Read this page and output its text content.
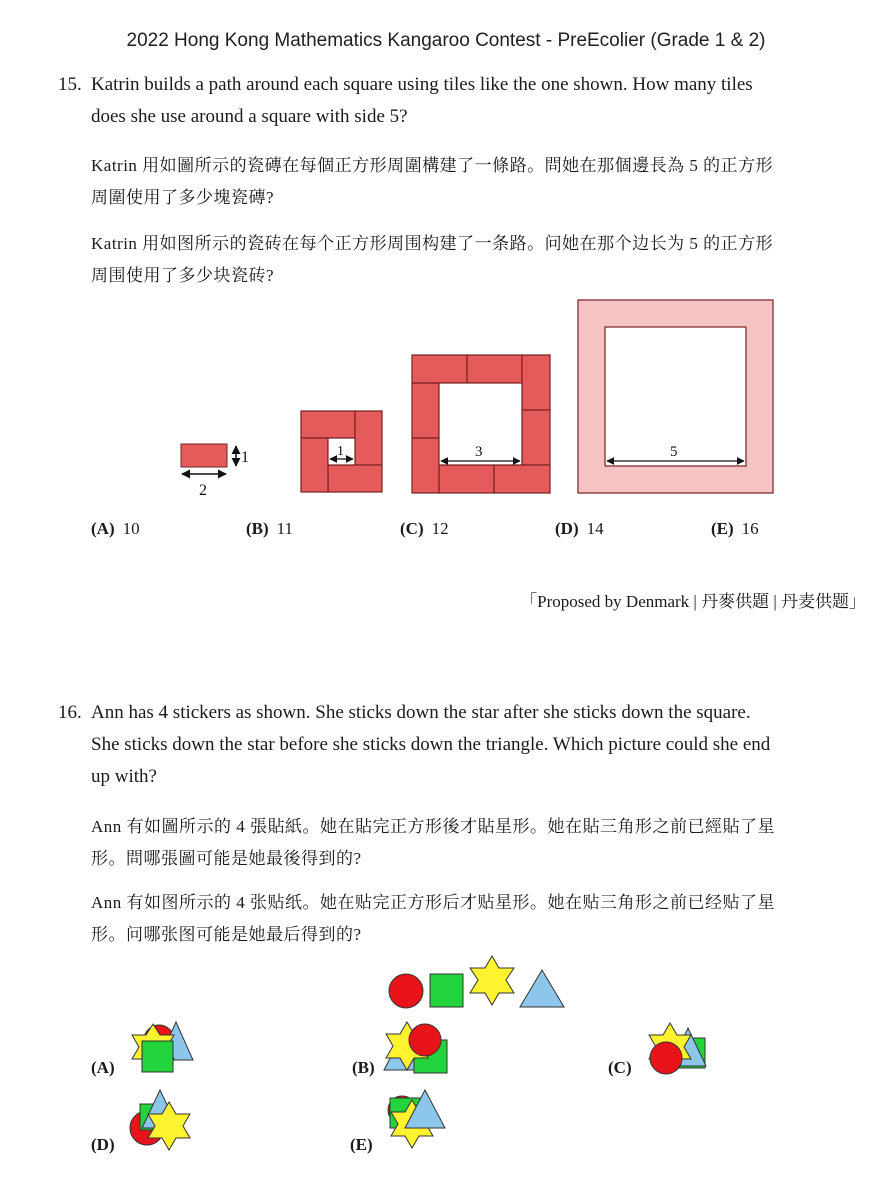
2022 Hong Kong Mathematics Kangaroo Contest - PreEcolier (Grade 1 & 2)
15. Katrin builds a path around each square using tiles like the one shown. How many tiles
does she use around a square with side 5?
Katrin 用如圖所示的瓷磚在每個正方形周圍構建了一條路。問她在那個邊長為 5 的正方形
周圍使用了多少塊瓷磚?
Katrin 用如图所示的瓷砖在每个正方形周围构建了一条路。问她在那个边长为 5 的正方形
周围使用了多少块瓷砖?
1
2
1	3	5
(A) 10	(B) 11	(C) 12	(D) 14	(E) 16
「Proposed by Denmark | 丹麥供題 | 丹麦供题」
16. Ann has 4 stickers as shown. She sticks down the star after she sticks down the square.
She sticks down the star before she sticks down the triangle. Which picture could she end
up with?
Ann 有如圖所示的 4 張貼紙。她在貼完正方形後才貼星形。她在貼三角形之前已經貼了星
形。問哪張圖可能是她最後得到的?
Ann 有如图所示的 4 张贴纸。她在贴完正方形后才贴星形。她在贴三角形之前已经贴了星
形。问哪张图可能是她最后得到的?
(A)	(B)	(C)
(D)	(E)
